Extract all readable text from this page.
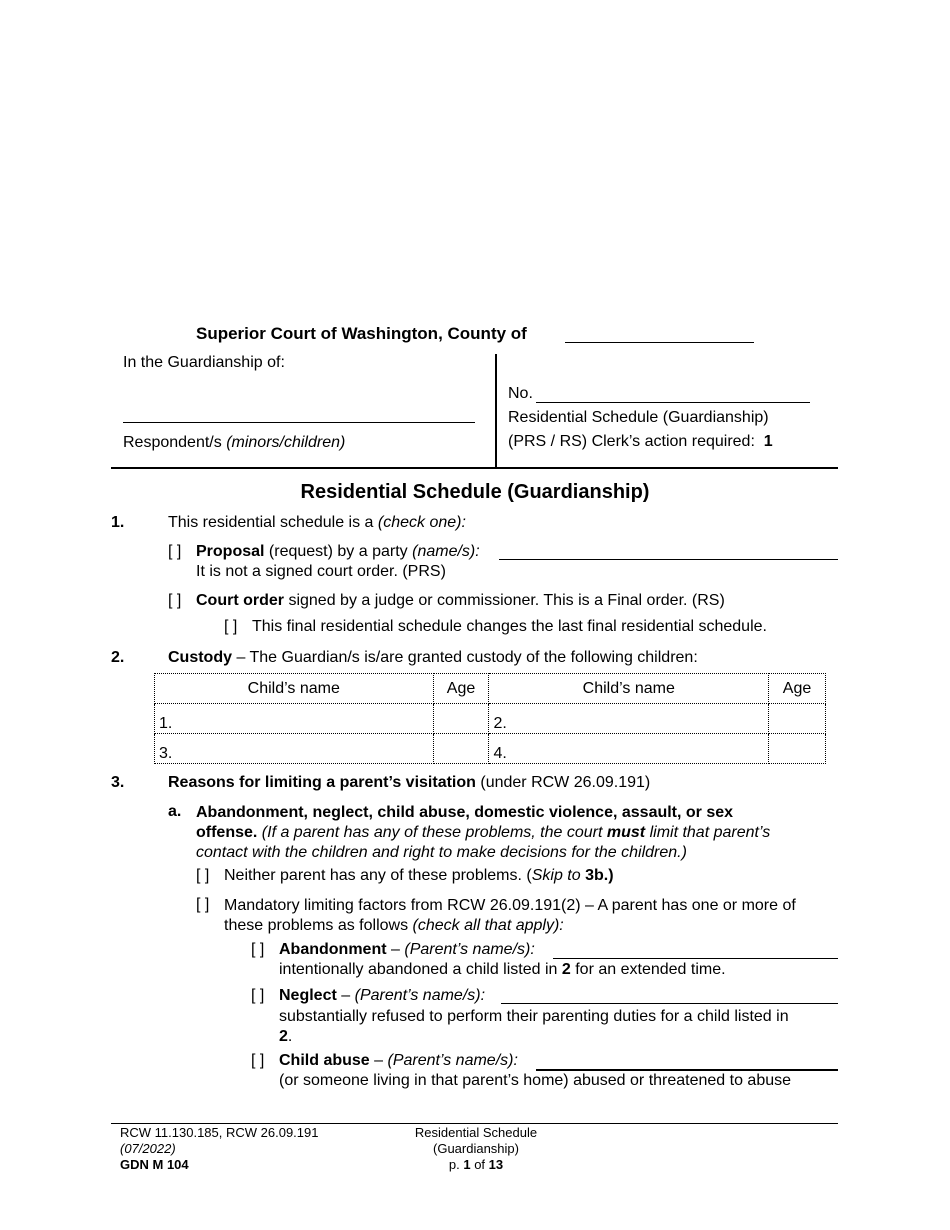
Superior Court of Washington, County of
In the Guardianship of:
Respondent/s (minors/children)
No.
Residential Schedule (Guardianship)
(PRS / RS) Clerk’s action required: 1
Residential Schedule (Guardianship)
1.	This residential schedule is a (check one):
[ ] Proposal (request) by a party (name/s):
It is not a signed court order. (PRS)
[ ] Court order signed by a judge or commissioner. This is a Final order. (RS)
[ ] This final residential schedule changes the last final residential schedule.
2.	Custody – The Guardian/s is/are granted custody of the following children:
Child’s name	Age	Child’s name	Age
1.		2.	
3.		4.	
3.	Reasons for limiting a parent’s visitation (under RCW 26.09.191)
a. Abandonment, neglect, child abuse, domestic violence, assault, or sex
offense. (If a parent has any of these problems, the court must limit that parent’s
contact with the children and right to make decisions for the children.)
[ ] Neither parent has any of these problems. (Skip to 3b.)
[ ] Mandatory limiting factors from RCW 26.09.191(2) – A parent has one or more of
these problems as follows (check all that apply):
[ ] Abandonment – (Parent’s name/s):
intentionally abandoned a child listed in 2 for an extended time.
[ ] Neglect – (Parent’s name/s):
substantially refused to perform their parenting duties for a child listed in
2.
[ ] Child abuse – (Parent’s name/s):
(or someone living in that parent’s home) abused or threatened to abuse
RCW 11.130.185, RCW 26.09.191
(07/2022)
GDN M 104
Residential Schedule
(Guardianship)
p. 1 of 13
